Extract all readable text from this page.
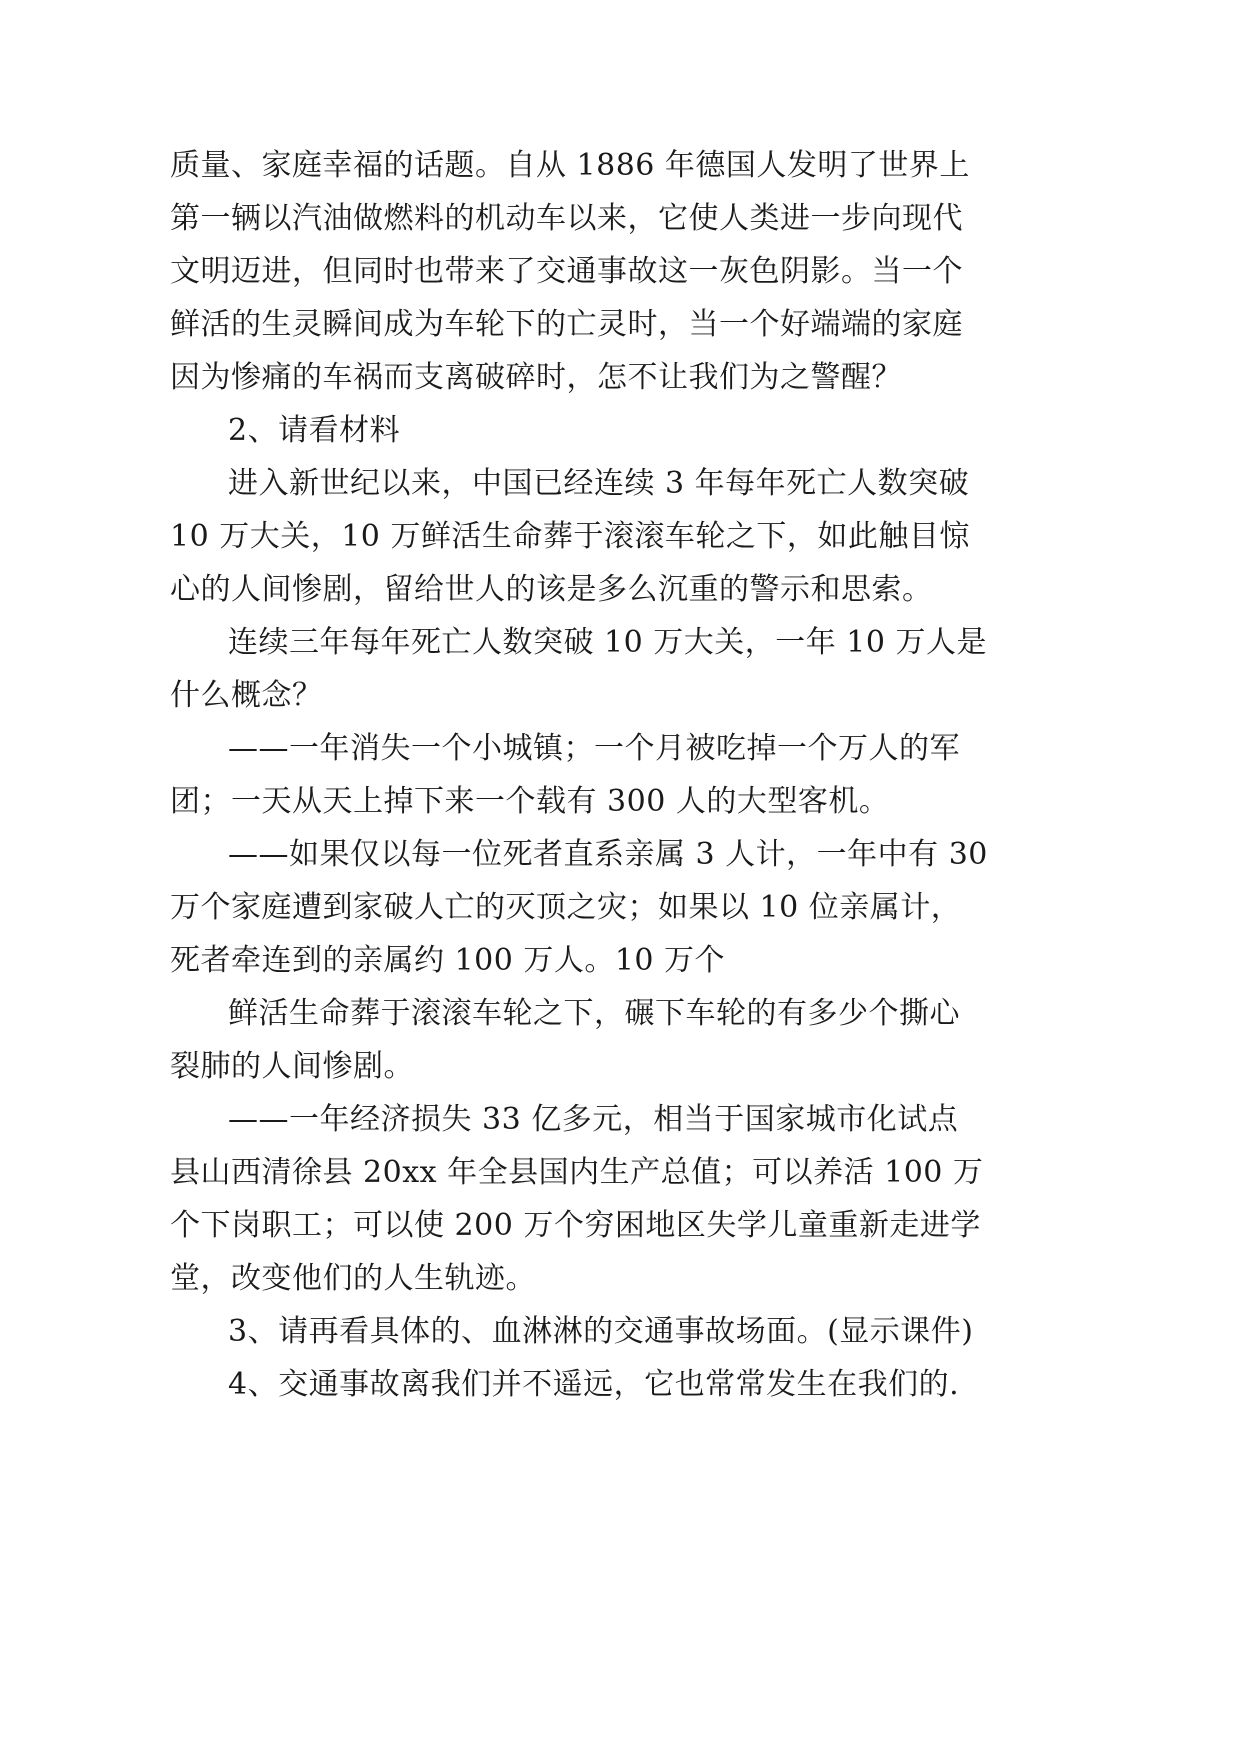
质量、家庭幸福的话题。自从 1886 年德国人发明了世界上
第一辆以汽油做燃料的机动车以来，它使人类进一步向现代
文明迈进，但同时也带来了交通事故这一灰色阴影。当一个
鲜活的生灵瞬间成为车轮下的亡灵时，当一个好端端的家庭
因为惨痛的车祸而支离破碎时，怎不让我们为之警醒？
2、请看材料
进入新世纪以来，中国已经连续 3 年每年死亡人数突破
10 万大关，10 万鲜活生命葬于滚滚车轮之下，如此触目惊
心的人间惨剧，留给世人的该是多么沉重的警示和思索。
连续三年每年死亡人数突破 10 万大关，一年 10 万人是
什么概念？
——一年消失一个小城镇；一个月被吃掉一个万人的军
团；一天从天上掉下来一个载有 300 人的大型客机。
——如果仅以每一位死者直系亲属 3 人计，一年中有 30
万个家庭遭到家破人亡的灭顶之灾；如果以 10 位亲属计，
死者牵连到的亲属约 100 万人。10 万个
鲜活生命葬于滚滚车轮之下，碾下车轮的有多少个撕心
裂肺的人间惨剧。
——一年经济损失 33 亿多元，相当于国家城市化试点
县山西清徐县 20xx 年全县国内生产总值；可以养活 100 万
个下岗职工；可以使 200 万个穷困地区失学儿童重新走进学
堂，改变他们的人生轨迹。
3、请再看具体的、血淋淋的交通事故场面。(显示课件)
4、交通事故离我们并不遥远，它也常常发生在我们的.
